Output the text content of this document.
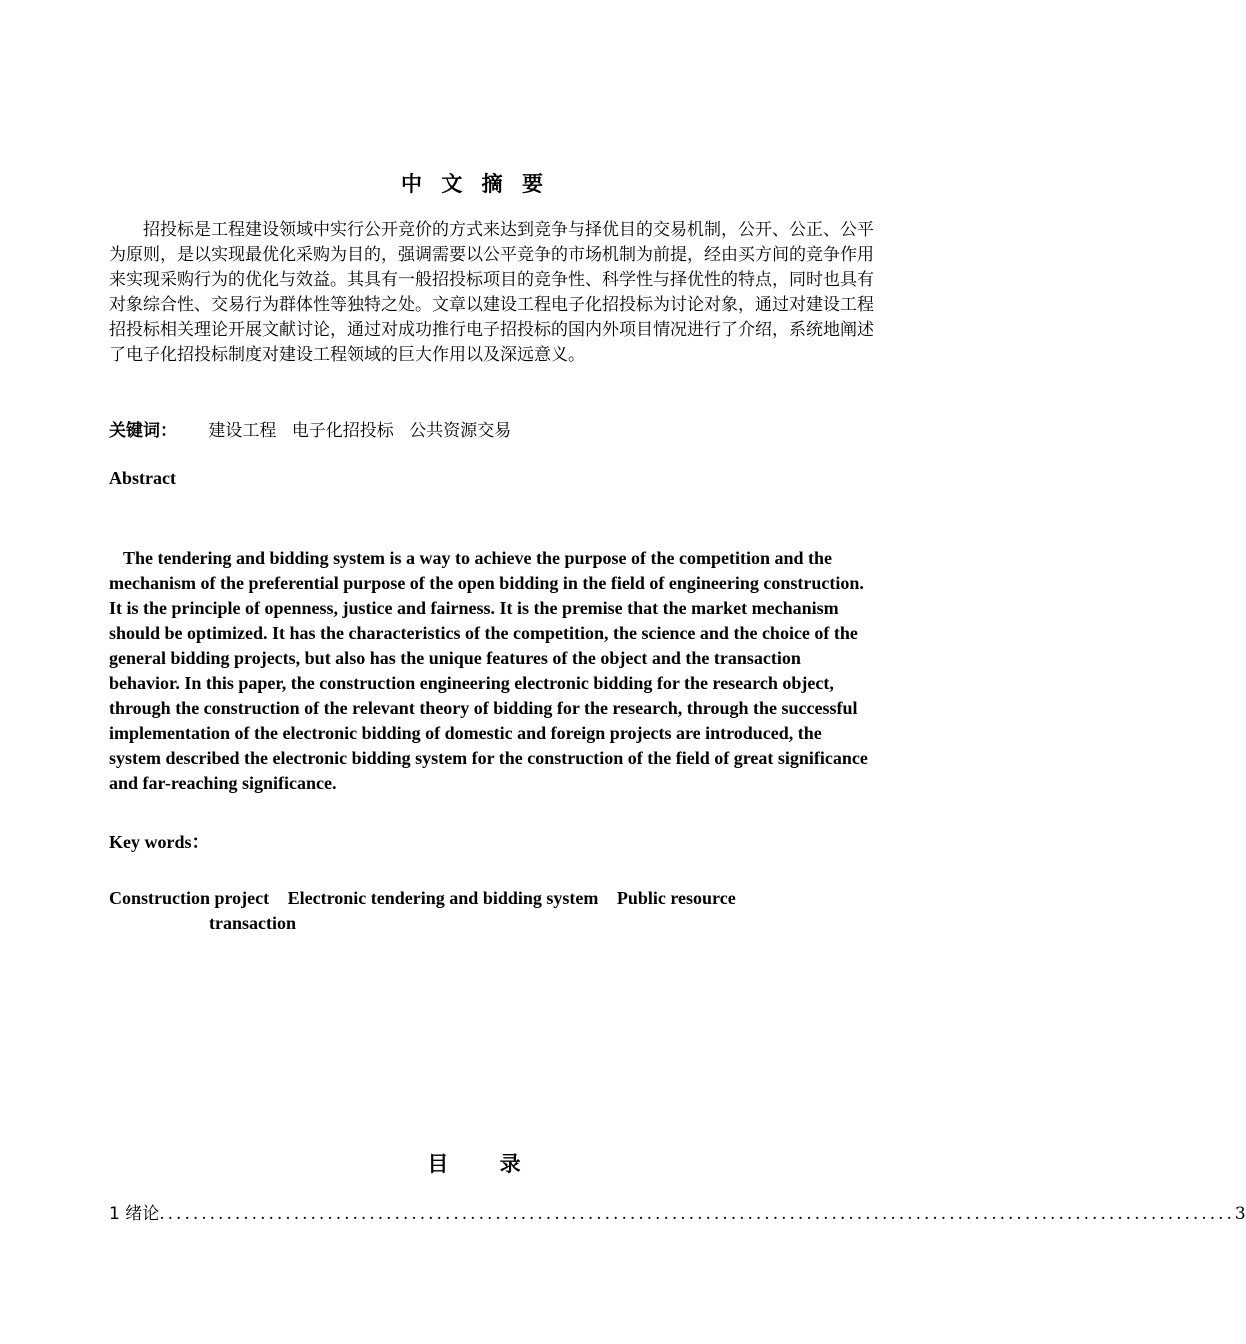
中 文 摘 要

招投标是工程建设领域中实行公开竞价的方式来达到竞争与择优目的交易机制，公开、公正、公平为原则，是以实现最优化采购为目的，强调需要以公平竞争的市场机制为前提，经由买方间的竞争作用来实现采购行为的优化与效益。其具有一般招投标项目的竞争性、科学性与择优性的特点，同时也具有对象综合性、交易行为群体性等独特之处。文章以建设工程电子化招投标为讨论对象，通过对建设工程招投标相关理论开展文献讨论，通过对成功推行电子招投标的国内外项目情况进行了介绍，系统地阐述了电子化招投标制度对建设工程领域的巨大作用以及深远意义。

关键词： 建设工程 电子化招投标 公共资源交易

Abstract

The tendering and bidding system is a way to achieve the purpose of the competition and the mechanism of the preferential purpose of the open bidding in the field of engineering construction. It is the principle of openness, justice and fairness. It is the premise that the market mechanism should be optimized. It has the characteristics of the competition, the science and the choice of the general bidding projects, but also has the unique features of the object and the transaction behavior. In this paper, the construction engineering electronic bidding for the research object, through the construction of the relevant theory of bidding for the research, through the successful implementation of the electronic bidding of domestic and foreign projects are introduced, the system described the electronic bidding system for the construction of the field of great significance and far-reaching significance.

Key words：

Construction project Electronic tendering and bidding system Public resource
transaction

目 录
1 绪论 ................................................................................................................................ 3
